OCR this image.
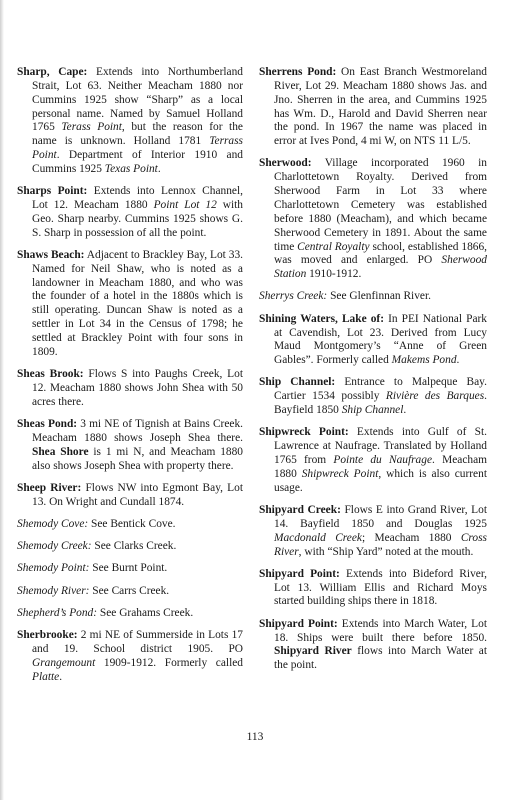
Sharp, Cape: Extends into Northumberland Strait, Lot 63. Neither Meacham 1880 nor Cummins 1925 show “Sharp” as a local personal name. Named by Samuel Holland 1765 Terass Point, but the reason for the name is unknown. Holland 1781 Terrass Point. Department of Interior 1910 and Cummins 1925 Texas Point.

Sharps Point: Extends into Lennox Channel, Lot 12. Meacham 1880 Point Lot 12 with Geo. Sharp nearby. Cummins 1925 shows G. S. Sharp in possession of all the point.

Shaws Beach: Adjacent to Brackley Bay, Lot 33. Named for Neil Shaw, who is noted as a landowner in Meacham 1880, and who was the founder of a hotel in the 1880s which is still operating. Duncan Shaw is noted as a settler in Lot 34 in the Census of 1798; he settled at Brackley Point with four sons in 1809.

Sheas Brook: Flows S into Paughs Creek, Lot 12. Meacham 1880 shows John Shea with 50 acres there.

Sheas Pond: 3 mi NE of Tignish at Bains Creek. Meacham 1880 shows Joseph Shea there. Shea Shore is 1 mi N, and Meacham 1880 also shows Joseph Shea with property there.

Sheep River: Flows NW into Egmont Bay, Lot 13. On Wright and Cundall 1874.

Shemody Cove: See Bentick Cove.

Shemody Creek: See Clarks Creek.

Shemody Point: See Burnt Point.

Shemody River: See Carrs Creek.

Shepherd’s Pond: See Grahams Creek.

Sherbrooke: 2 mi NE of Summerside in Lots 17 and 19. School district 1905. PO Grangemount 1909-1912. Formerly called Platte.

Sherrens Pond: On East Branch Westmoreland River, Lot 29. Meacham 1880 shows Jas. and Jno. Sherren in the area, and Cummins 1925 has Wm. D., Harold and David Sherren near the pond. In 1967 the name was placed in error at Ives Pond, 4 mi W, on NTS 11 L/5.

Sherwood: Village incorporated 1960 in Charlottetown Royalty. Derived from Sherwood Farm in Lot 33 where Charlottetown Cemetery was established before 1880 (Meacham), and which became Sherwood Cemetery in 1891. About the same time Central Royalty school, established 1866, was moved and enlarged. PO Sherwood Station 1910-1912.

Sherrys Creek: See Glenfinnan River.

Shining Waters, Lake of: In PEI National Park at Cavendish, Lot 23. Derived from Lucy Maud Montgomery’s “Anne of Green Gables”. Formerly called Makems Pond.

Ship Channel: Entrance to Malpeque Bay. Cartier 1534 possibly Rivière des Barques. Bayfield 1850 Ship Channel.

Shipwreck Point: Extends into Gulf of St. Lawrence at Naufrage. Translated by Holland 1765 from Pointe du Naufrage. Meacham 1880 Shipwreck Point, which is also current usage.

Shipyard Creek: Flows E into Grand River, Lot 14. Bayfield 1850 and Douglas 1925 Macdonald Creek; Meacham 1880 Cross River, with “Ship Yard” noted at the mouth.

Shipyard Point: Extends into Bideford River, Lot 13. William Ellis and Richard Moys started building ships there in 1818.

Shipyard Point: Extends into March Water, Lot 18. Ships were built there before 1850. Shipyard River flows into March Water at the point.

113
